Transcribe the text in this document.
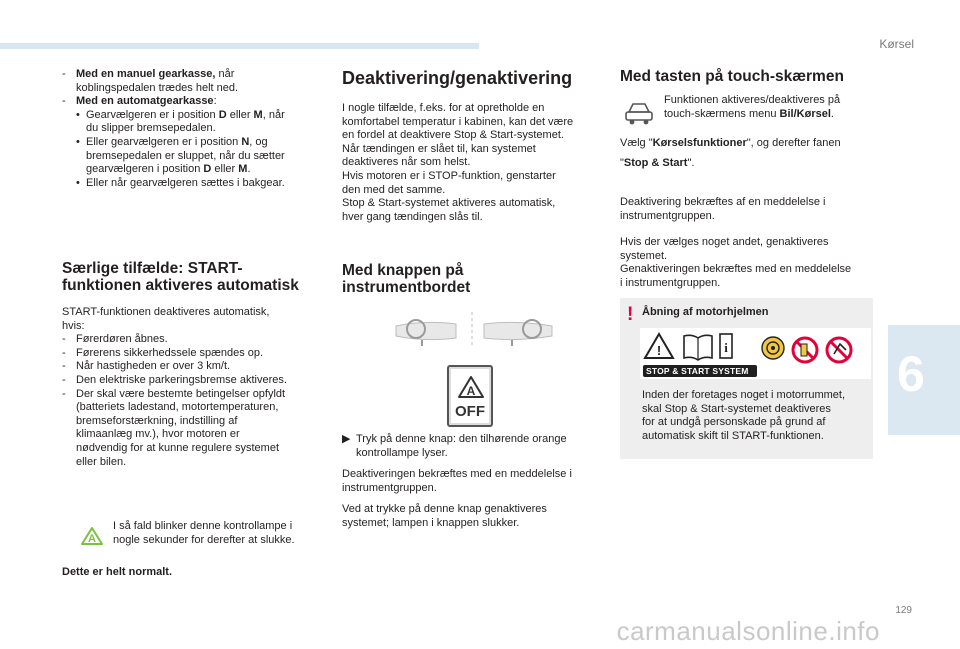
Kørsel
6
129
carmanualsonline.info
- Med en manuel gearkasse, når
koblingspedalen trædes helt ned.
- Med en automatgearkasse:
• Gearvælgeren er i position D eller M, når
du slipper bremsepedalen.
• Eller gearvælgeren er i position N, og
bremsepedalen er sluppet, når du sætter
gearvælgeren i position D eller M.
• Eller når gearvælgeren sættes i bakgear.
Særlige tilfælde: START-
funktionen aktiveres automatisk

START-funktionen deaktiveres automatisk,

hvis:

- Førerdøren åbnes.
- Førerens sikkerhedssele spændes op.
- Når hastigheden er over 3 km/t.
- Den elektriske parkeringsbremse aktiveres.
- Der skal være bestemte betingelser opfyldt
(batteriets ladestand, motortemperaturen,
bremseforstærkning, indstilling af
klimaanlæg mv.), hvor motoren er
nødvendig for at kunne regulere systemet
eller bilen.
A

I så fald blinker denne kontrollampe i

nogle sekunder for derefter at slukke.

Dette er helt normalt.
Deaktivering/genaktivering

I nogle tilfælde, f.eks. for at opretholde en

komfortabel temperatur i kabinen, kan det være

en fordel at deaktivere Stop & Start-systemet.

Når tændingen er slået til, kan systemet

deaktiveres når som helst.

Hvis motoren er i STOP-funktion, genstarter

den med det samme.

Stop & Start-systemet aktiveres automatisk,

hver gang tændingen slås til.

Med knappen på
instrumentbordet
A
OFF
▶ Tryk på denne knap: den tilhørende orange
kontrollampe lyser.

Deaktiveringen bekræftes med en meddelelse i

instrumentgruppen.

Ved at trykke på denne knap genaktiveres

systemet; lampen i knappen slukker.

Med tasten på touch-skærmen

Funktionen aktiveres/deaktiveres på

touch-skærmens menu Bil/Kørsel.

Vælg "Kørselsfunktioner", og derefter fanen

"Stop & Start".

Deaktivering bekræftes af en meddelelse i

instrumentgruppen.

Hvis der vælges noget andet, genaktiveres

systemet.

Genaktiveringen bekræftes med en meddelelse

i instrumentgruppen.

! Åbning af motorhjelmen
!	i
STOP & START SYSTEM

Inden der foretages noget i motorrummet,

skal Stop & Start-systemet deaktiveres

for at undgå personskade på grund af

automatisk skift til START-funktionen.
